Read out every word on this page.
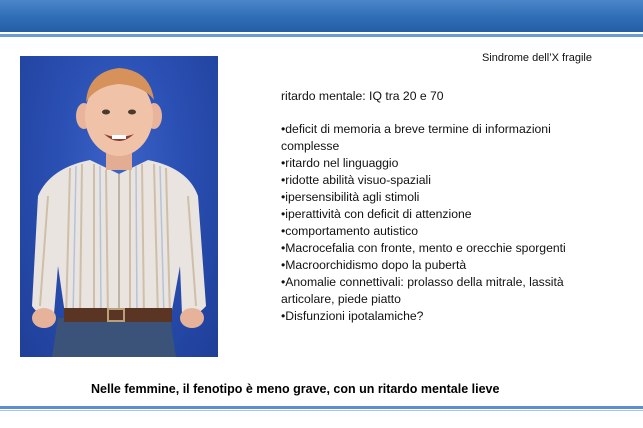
Sindrome dell’X fragile
ritardo mentale: IQ tra 20 e 70
•deficit di memoria a breve termine di informazioni complesse
•ritardo nel linguaggio
•ridotte abilità visuo-spaziali
•ipersensibilità agli stimoli
•iperattività con deficit di attenzione
•comportamento autistico
•Macrocefalia con fronte, mento e orecchie sporgenti
•Macroorchidismo dopo la pubertà
•Anomalie connettivali: prolasso della mitrale, lassità articolare, piede piatto
•Disfunzioni ipotalamiche?
Nelle femmine, il fenotipo è meno grave, con un ritardo mentale lieve
